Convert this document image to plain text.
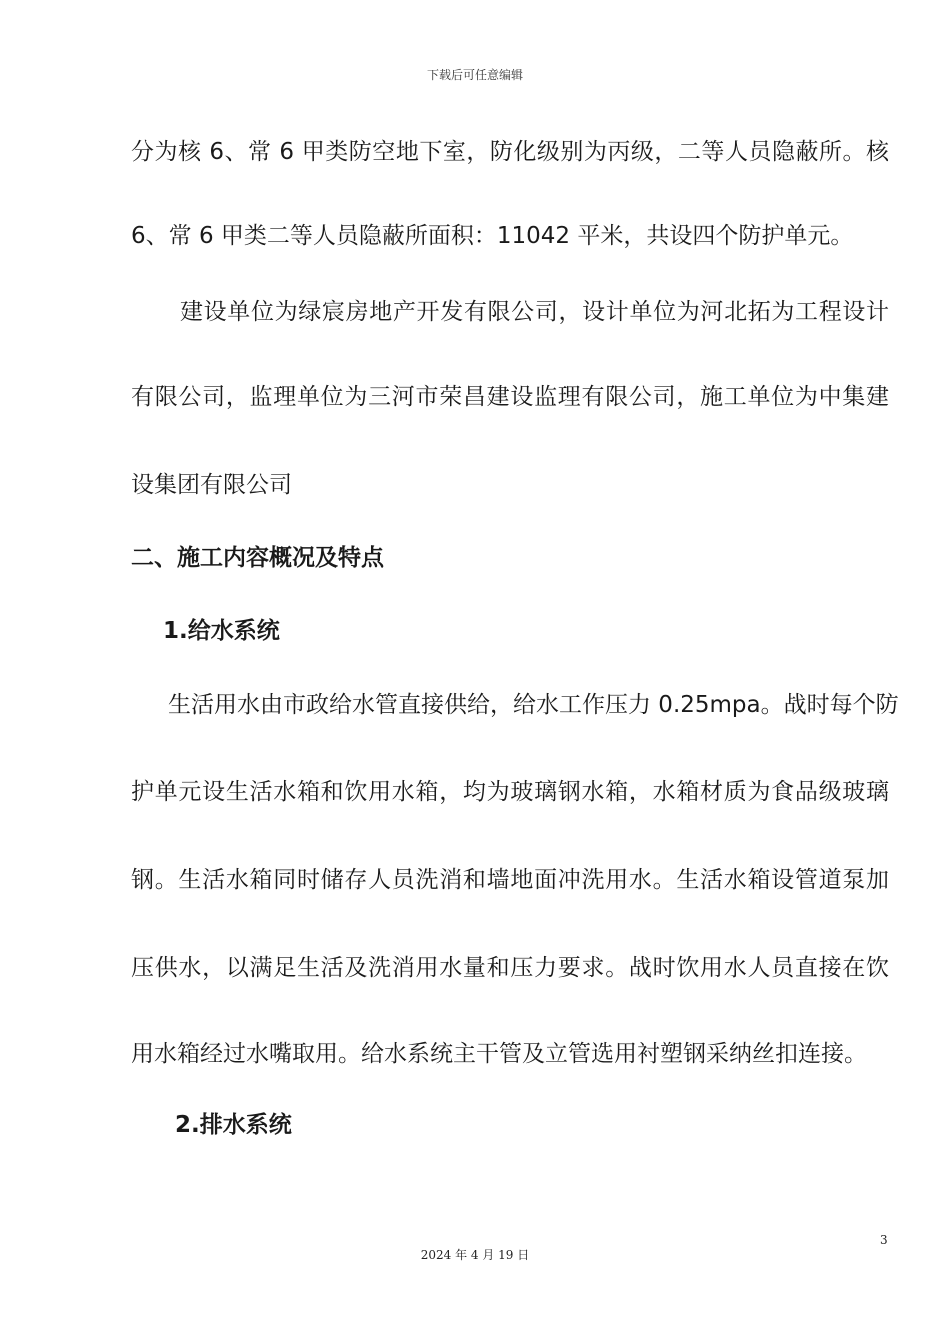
下载后可任意编辑
分为核 6、常 6 甲类防空地下室，防化级别为丙级，二等人员隐蔽所。核
6、常 6 甲类二等人员隐蔽所面积：11042 平米，共设四个防护单元。
建设单位为绿宸房地产开发有限公司，设计单位为河北拓为工程设计
有限公司，监理单位为三河市荣昌建设监理有限公司，施工单位为中集建
设集团有限公司
二、施工内容概况及特点
1.给水系统
生活用水由市政给水管直接供给，给水工作压力 0.25mpa。战时每个防
护单元设生活水箱和饮用水箱，均为玻璃钢水箱，水箱材质为食品级玻璃
钢。生活水箱同时储存人员洗消和墙地面冲洗用水。生活水箱设管道泵加
压供水，以满足生活及洗消用水量和压力要求。战时饮用水人员直接在饮
用水箱经过水嘴取用。给水系统主干管及立管选用衬塑钢采纳丝扣连接。
2.排水系统
3
2024 年 4 月 19 日
